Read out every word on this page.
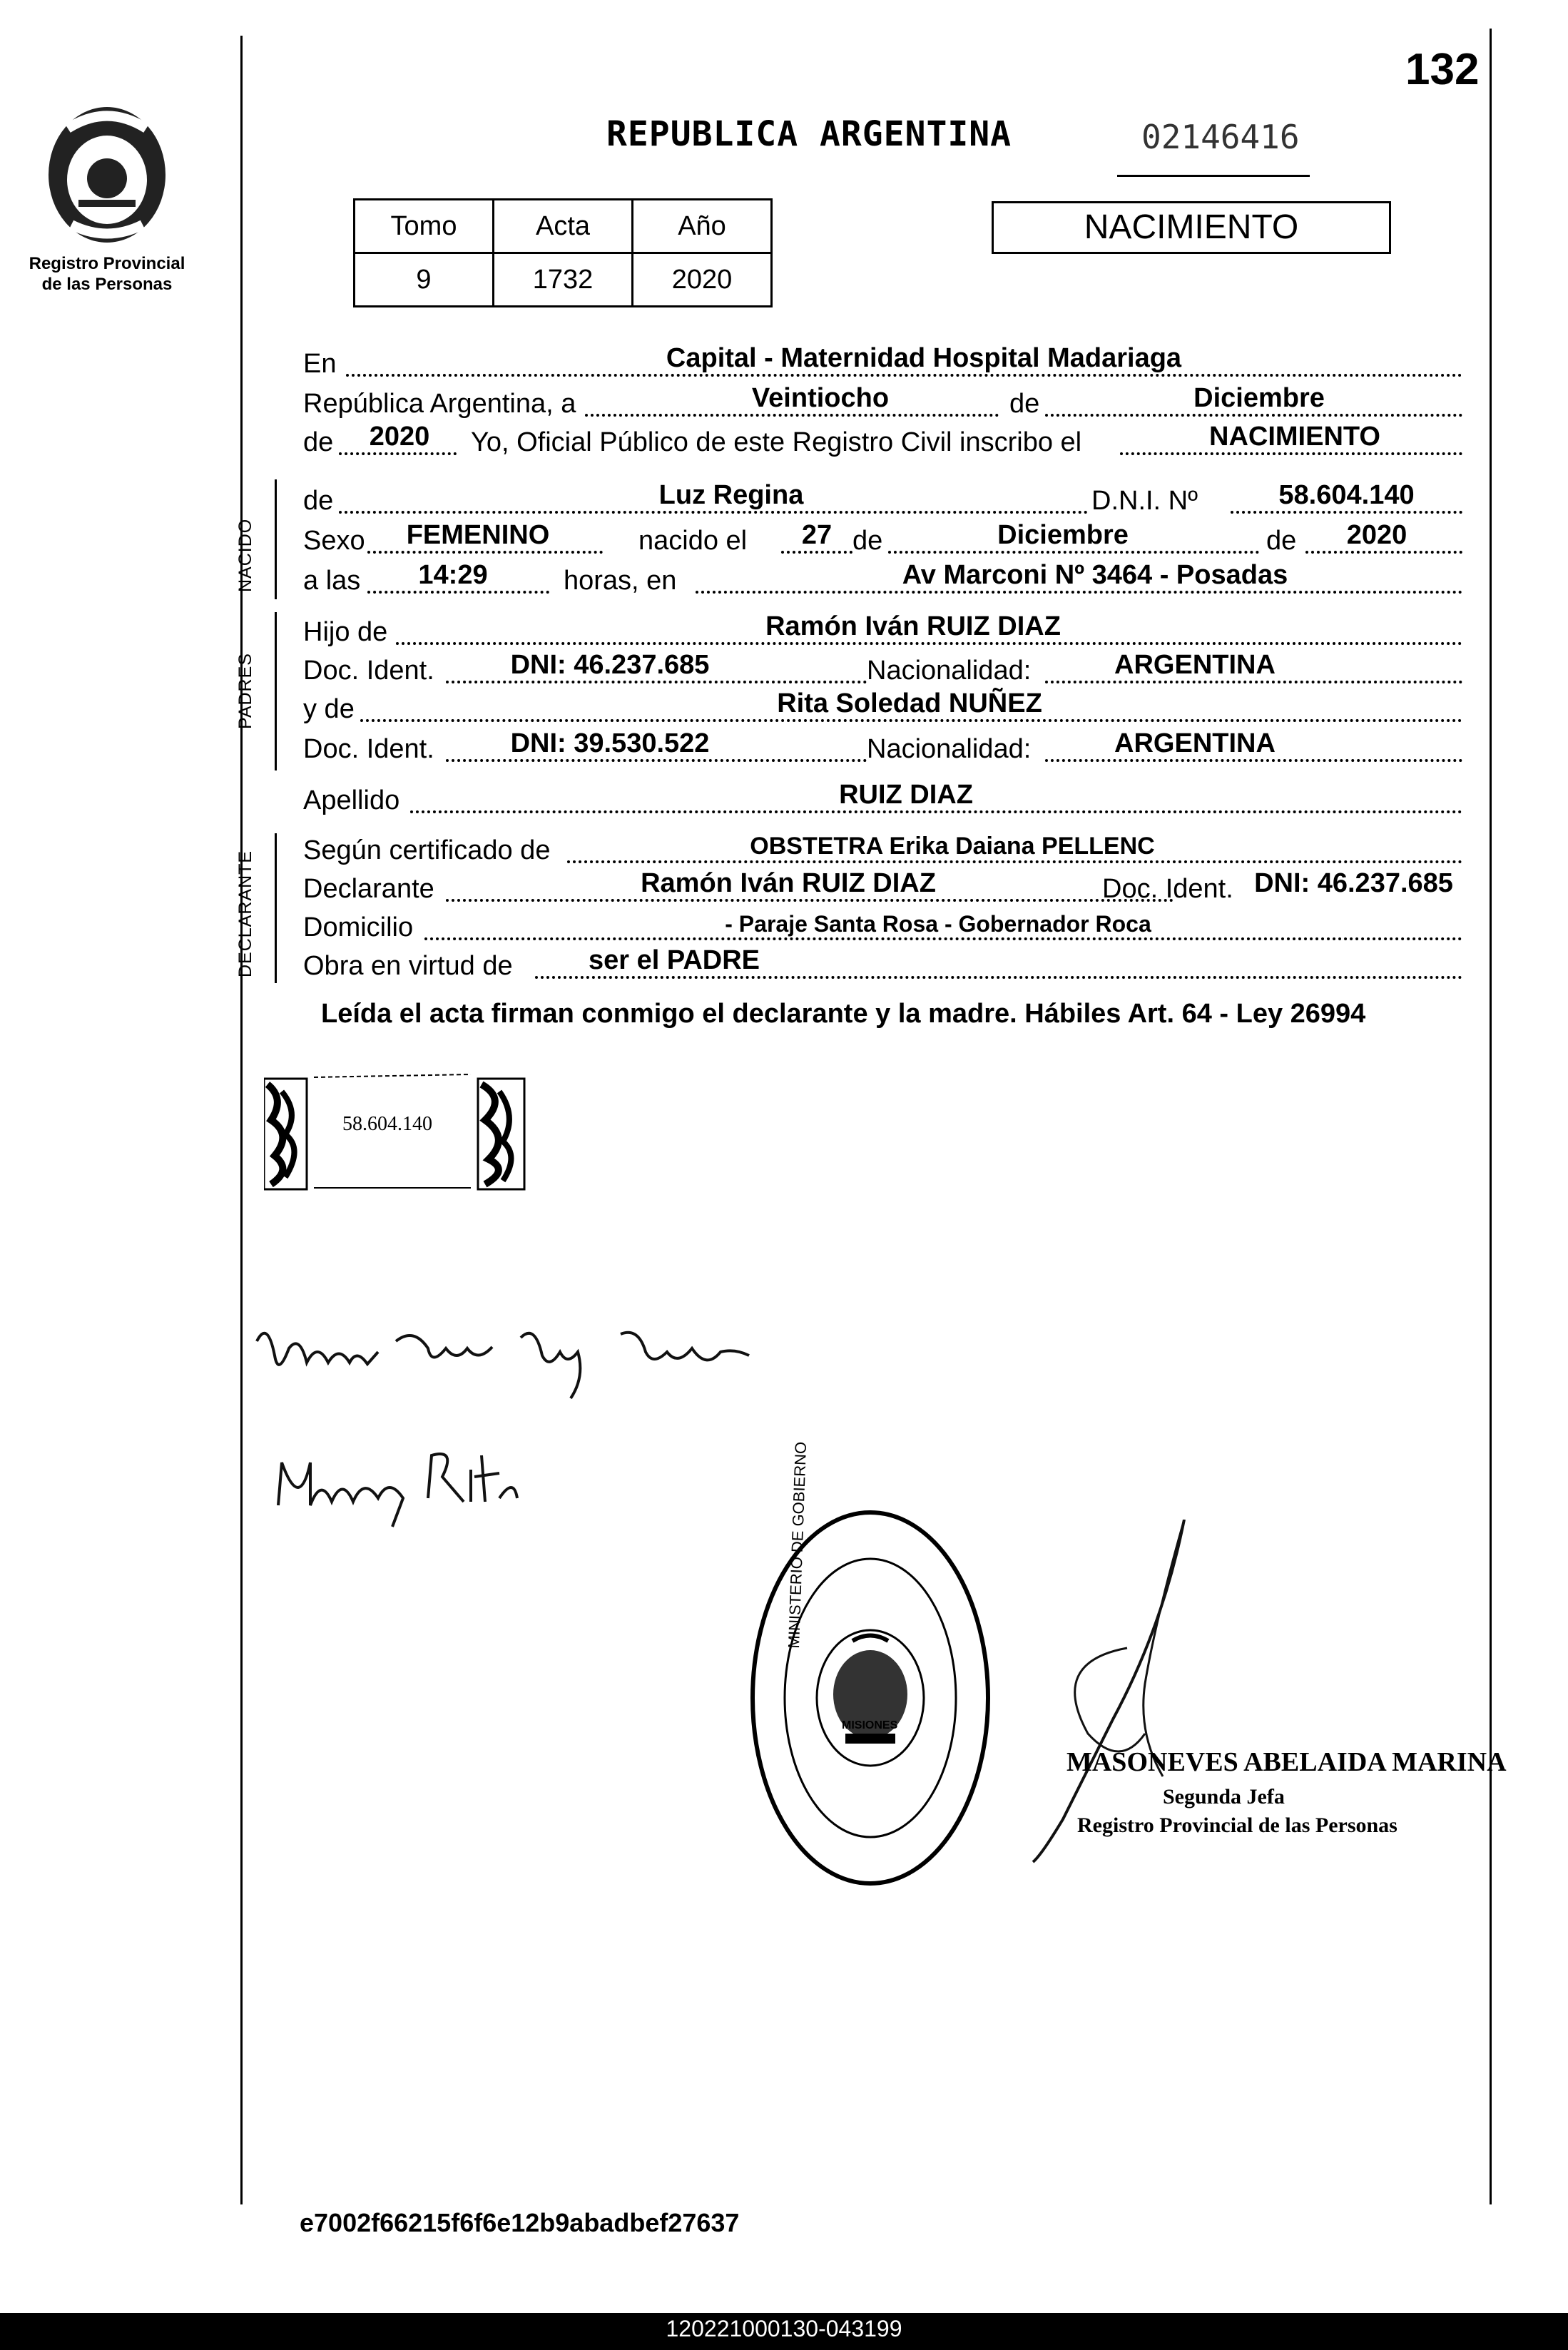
132
Registro Provincial
de las Personas
REPUBLICA ARGENTINA	02146416
Tomo	Acta	Año
9	1732	2020
NACIMIENTO
En	Capital - Maternidad Hospital Madariaga
República Argentina, a	Veintiocho	de	Diciembre
de	2020	Yo, Oficial Público de este Registro Civil inscribo el	NACIMIENTO
NACIDO
de	Luz Regina	D.N.I. Nº	58.604.140
Sexo	FEMENINO	nacido el	27 de	Diciembre	de	2020
a las	14:29	horas, en	Av Marconi Nº 3464 - Posadas
PADRES
Hijo de	Ramón Iván RUIZ DIAZ
Doc. Ident.	DNI: 46.237.685	Nacionalidad:	ARGENTINA
y de	Rita Soledad NUÑEZ
Doc. Ident.	DNI: 39.530.522	Nacionalidad:	ARGENTINA
Apellido	RUIZ DIAZ
DECLARANTE Según certificado de	OBSTETRA Erika Daiana PELLENC
Declarante	Ramón Iván RUIZ DIAZ	Doc. Ident. DNI: 46.237.685
Domicilio	- Paraje Santa Rosa - Gobernador Roca
Obra en virtud de	ser el PADRE
Leída el acta firman conmigo el declarante y la madre. Hábiles Art. 64 - Ley 26994
58.604.140
MINISTERIO DE GOBIERNO
MISIONES
MASONEVES ABELAIDA MARINA
Segunda Jefa
Registro Provincial de las Personas
e7002f66215f6f6e12b9abadbef27637
120221000130-043199
